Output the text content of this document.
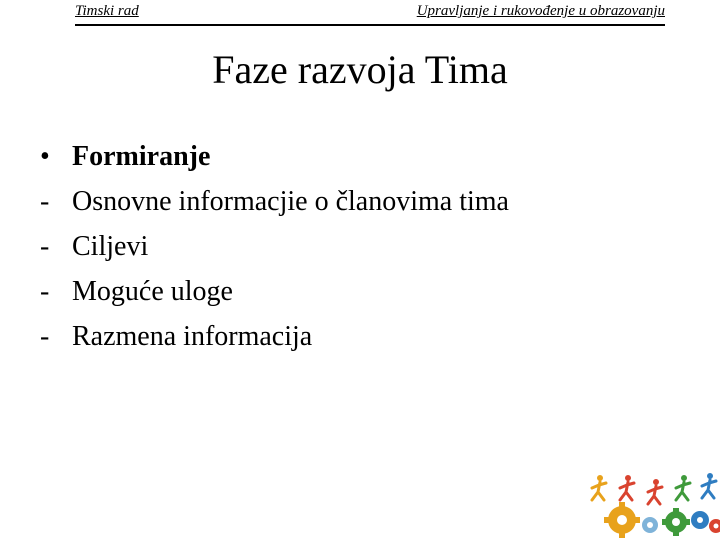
Timski rad	Upravljanje i rukovođenje u obrazovanju
Faze razvoja Tima
• Formiranje
- Osnovne informacjie o članovima tima
- Ciljevi
- Moguće uloge
- Razmena informacija
